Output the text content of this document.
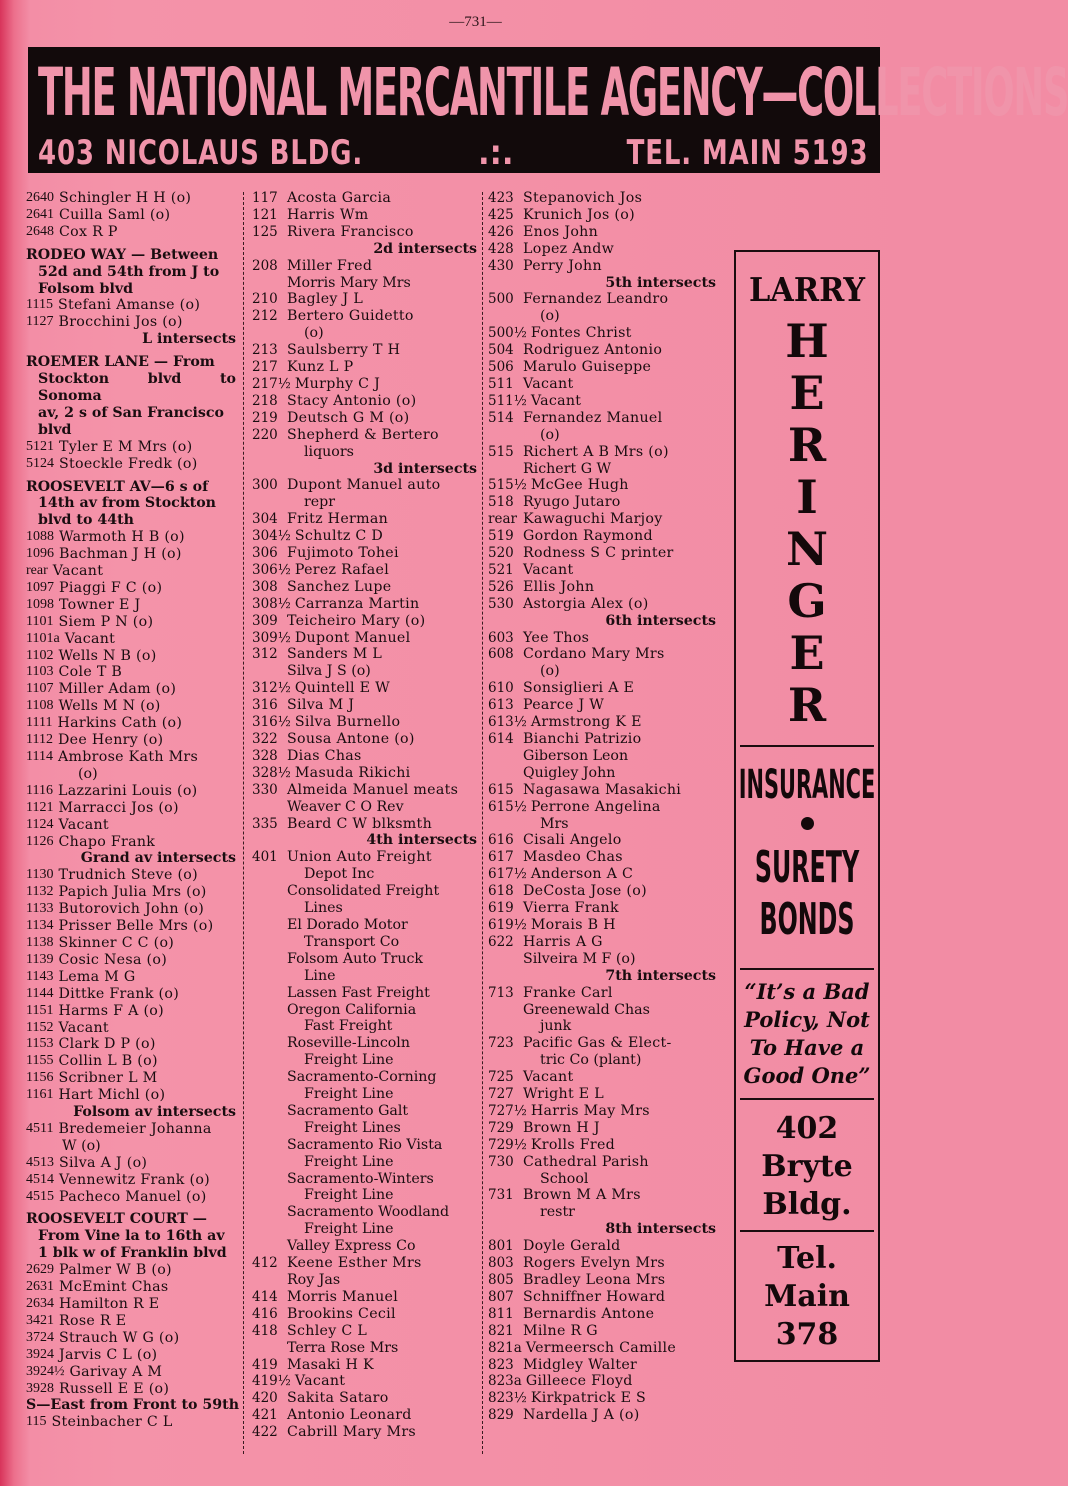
—731—
THE NATIONAL MERCANTILE AGENCY—COLLECTIONS
403 NICOLAUS BLDG.	.:.	TEL. MAIN 5193
2640 Schingler H H (o)
2641 Cuilla Saml (o)
2648 Cox R P
RODEO WAY — Between
52d and 54th from J to
Folsom blvd
1115 Stefani Amanse (o)
1127 Brocchini Jos (o)
L intersects
ROEMER LANE — From
Stockton blvd to Sonoma
av, 2 s of San Francisco
blvd
5121 Tyler E M Mrs (o)
5124 Stoeckle Fredk (o)
ROOSEVELT AV—6 s of
14th av from Stockton
blvd to 44th
1088 Warmoth H B (o)
1096 Bachman J H (o)
rear Vacant
1097 Piaggi F C (o)
1098 Towner E J
1101 Siem P N (o)
1101a Vacant
1102 Wells N B (o)
1103 Cole T B
1107 Miller Adam (o)
1108 Wells M N (o)
1111 Harkins Cath (o)
1112 Dee Henry (o)
1114 Ambrose Kath Mrs
(o)
1116 Lazzarini Louis (o)
1121 Marracci Jos (o)
1124 Vacant
1126 Chapo Frank
Grand av intersects
1130 Trudnich Steve (o)
1132 Papich Julia Mrs (o)
1133 Butorovich John (o)
1134 Prisser Belle Mrs (o)
1138 Skinner C C (o)
1139 Cosic Nesa (o)
1143 Lema M G
1144 Dittke Frank (o)
1151 Harms F A (o)
1152 Vacant
1153 Clark D P (o)
1155 Collin L B (o)
1156 Scribner L M
1161 Hart Michl (o)
Folsom av intersects
4511 Bredemeier Johanna
W (o)
4513 Silva A J (o)
4514 Vennewitz Frank (o)
4515 Pacheco Manuel (o)
ROOSEVELT COURT —
From Vine la to 16th av
1 blk w of Franklin blvd
2629 Palmer W B (o)
2631 McEmint Chas
2634 Hamilton R E
3421 Rose R E
3724 Strauch W G (o)
3924 Jarvis C L (o)
3924½ Garivay A M
3928 Russell E E (o)
S—East from Front to 59th
115 Steinbacher C L
117 Acosta Garcia
121 Harris Wm
125 Rivera Francisco
2d intersects
208 Miller Fred
Morris Mary Mrs
210 Bagley J L
212 Bertero Guidetto
(o)
213 Saulsberry T H
217 Kunz L P
217½ Murphy C J
218 Stacy Antonio (o)
219 Deutsch G M (o)
220 Shepherd & Bertero
liquors
3d intersects
300 Dupont Manuel auto
repr
304 Fritz Herman
304½ Schultz C D
306 Fujimoto Tohei
306½ Perez Rafael
308 Sanchez Lupe
308½ Carranza Martin
309 Teicheiro Mary (o)
309½ Dupont Manuel
312 Sanders M L
Silva J S (o)
312½ Quintell E W
316 Silva M J
316½ Silva Burnello
322 Sousa Antone (o)
328 Dias Chas
328½ Masuda Rikichi
330 Almeida Manuel meats
Weaver C O Rev
335 Beard C W blksmth
4th intersects
401 Union Auto Freight
Depot Inc
Consolidated Freight
Lines
El Dorado Motor
Transport Co
Folsom Auto Truck
Line
Lassen Fast Freight
Oregon California
Fast Freight
Roseville-Lincoln
Freight Line
Sacramento-Corning
Freight Line
Sacramento Galt
Freight Lines
Sacramento Rio Vista
Freight Line
Sacramento-Winters
Freight Line
Sacramento Woodland
Freight Line
Valley Express Co
412 Keene Esther Mrs
Roy Jas
414 Morris Manuel
416 Brookins Cecil
418 Schley C L
Terra Rose Mrs
419 Masaki H K
419½ Vacant
420 Sakita Sataro
421 Antonio Leonard
422 Cabrill Mary Mrs
423 Stepanovich Jos
425 Krunich Jos (o)
426 Enos John
428 Lopez Andw
430 Perry John
5th intersects
500 Fernandez Leandro
(o)
500½ Fontes Christ
504 Rodriguez Antonio
506 Marulo Guiseppe
511 Vacant
511½ Vacant
514 Fernandez Manuel
(o)
515 Richert A B Mrs (o)
Richert G W
515½ McGee Hugh
518 Ryugo Jutaro
rear Kawaguchi Marjoy
519 Gordon Raymond
520 Rodness S C printer
521 Vacant
526 Ellis John
530 Astorgia Alex (o)
6th intersects
603 Yee Thos
608 Cordano Mary Mrs
(o)
610 Sonsiglieri A E
613 Pearce J W
613½ Armstrong K E
614 Bianchi Patrizio
Giberson Leon
Quigley John
615 Nagasawa Masakichi
615½ Perrone Angelina
Mrs
616 Cisali Angelo
617 Masdeo Chas
617½ Anderson A C
618 DeCosta Jose (o)
619 Vierra Frank
619½ Morais B H
622 Harris A G
Silveira M F (o)
7th intersects
713 Franke Carl
Greenewald Chas
junk
723 Pacific Gas & Elect-
tric Co (plant)
725 Vacant
727 Wright E L
727½ Harris May Mrs
729 Brown H J
729½ Krolls Fred
730 Cathedral Parish
School
731 Brown M A Mrs
restr
8th intersects
801 Doyle Gerald
803 Rogers Evelyn Mrs
805 Bradley Leona Mrs
807 Schniffner Howard
811 Bernardis Antone
821 Milne R G
821a Vermeersch Camille
823 Midgley Walter
823a Gilleece Floyd
823½ Kirkpatrick E S
829 Nardella J A (o)
LARRY
H
E
R
I
N
G
E
R
INSURANCE
SURETY
BONDS
“It’s a Bad Policy, Not To Have a Good One”
402
Bryte
Bldg.
Tel.
Main 378
